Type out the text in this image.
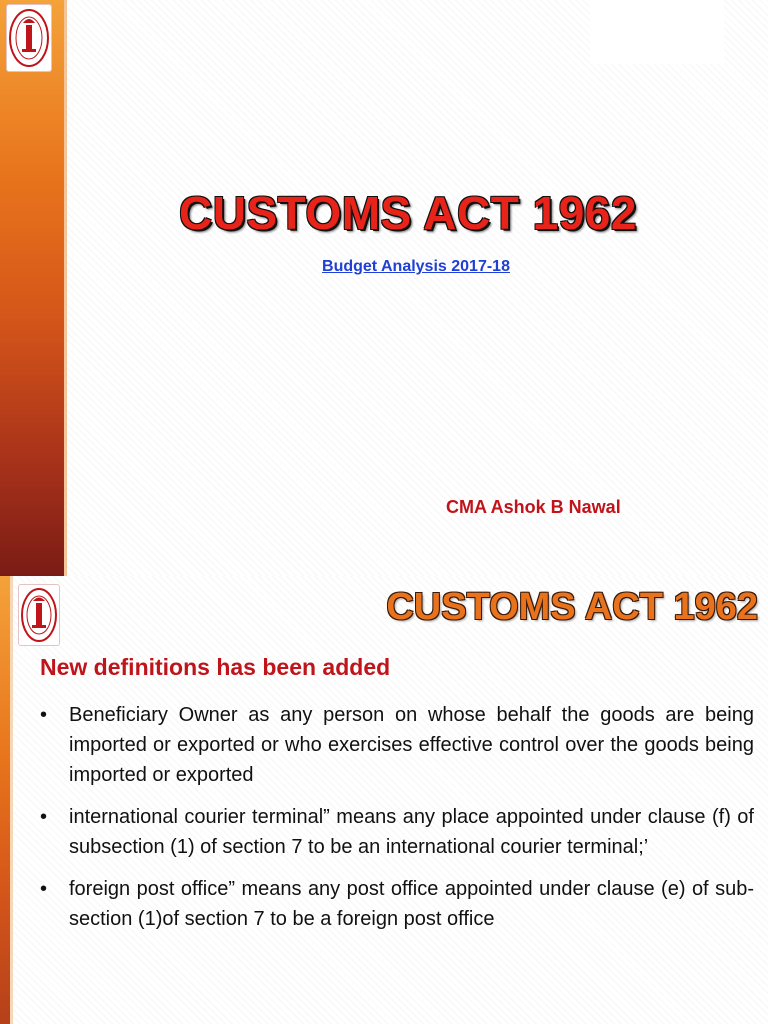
CUSTOMS ACT 1962
Budget Analysis 2017-18
CMA Ashok B Nawal
CUSTOMS ACT 1962
New definitions has been added
• Beneficiary Owner as any person on whose behalf the goods are being imported or exported or who exercises effective control over the goods being imported or exported
• international courier terminal” means any place appointed under clause (f) of subsection (1) of section 7 to be an international courier terminal;’
• foreign post office” means any post office appointed under clause (e) of sub-section (1)of section 7 to be a foreign post office
